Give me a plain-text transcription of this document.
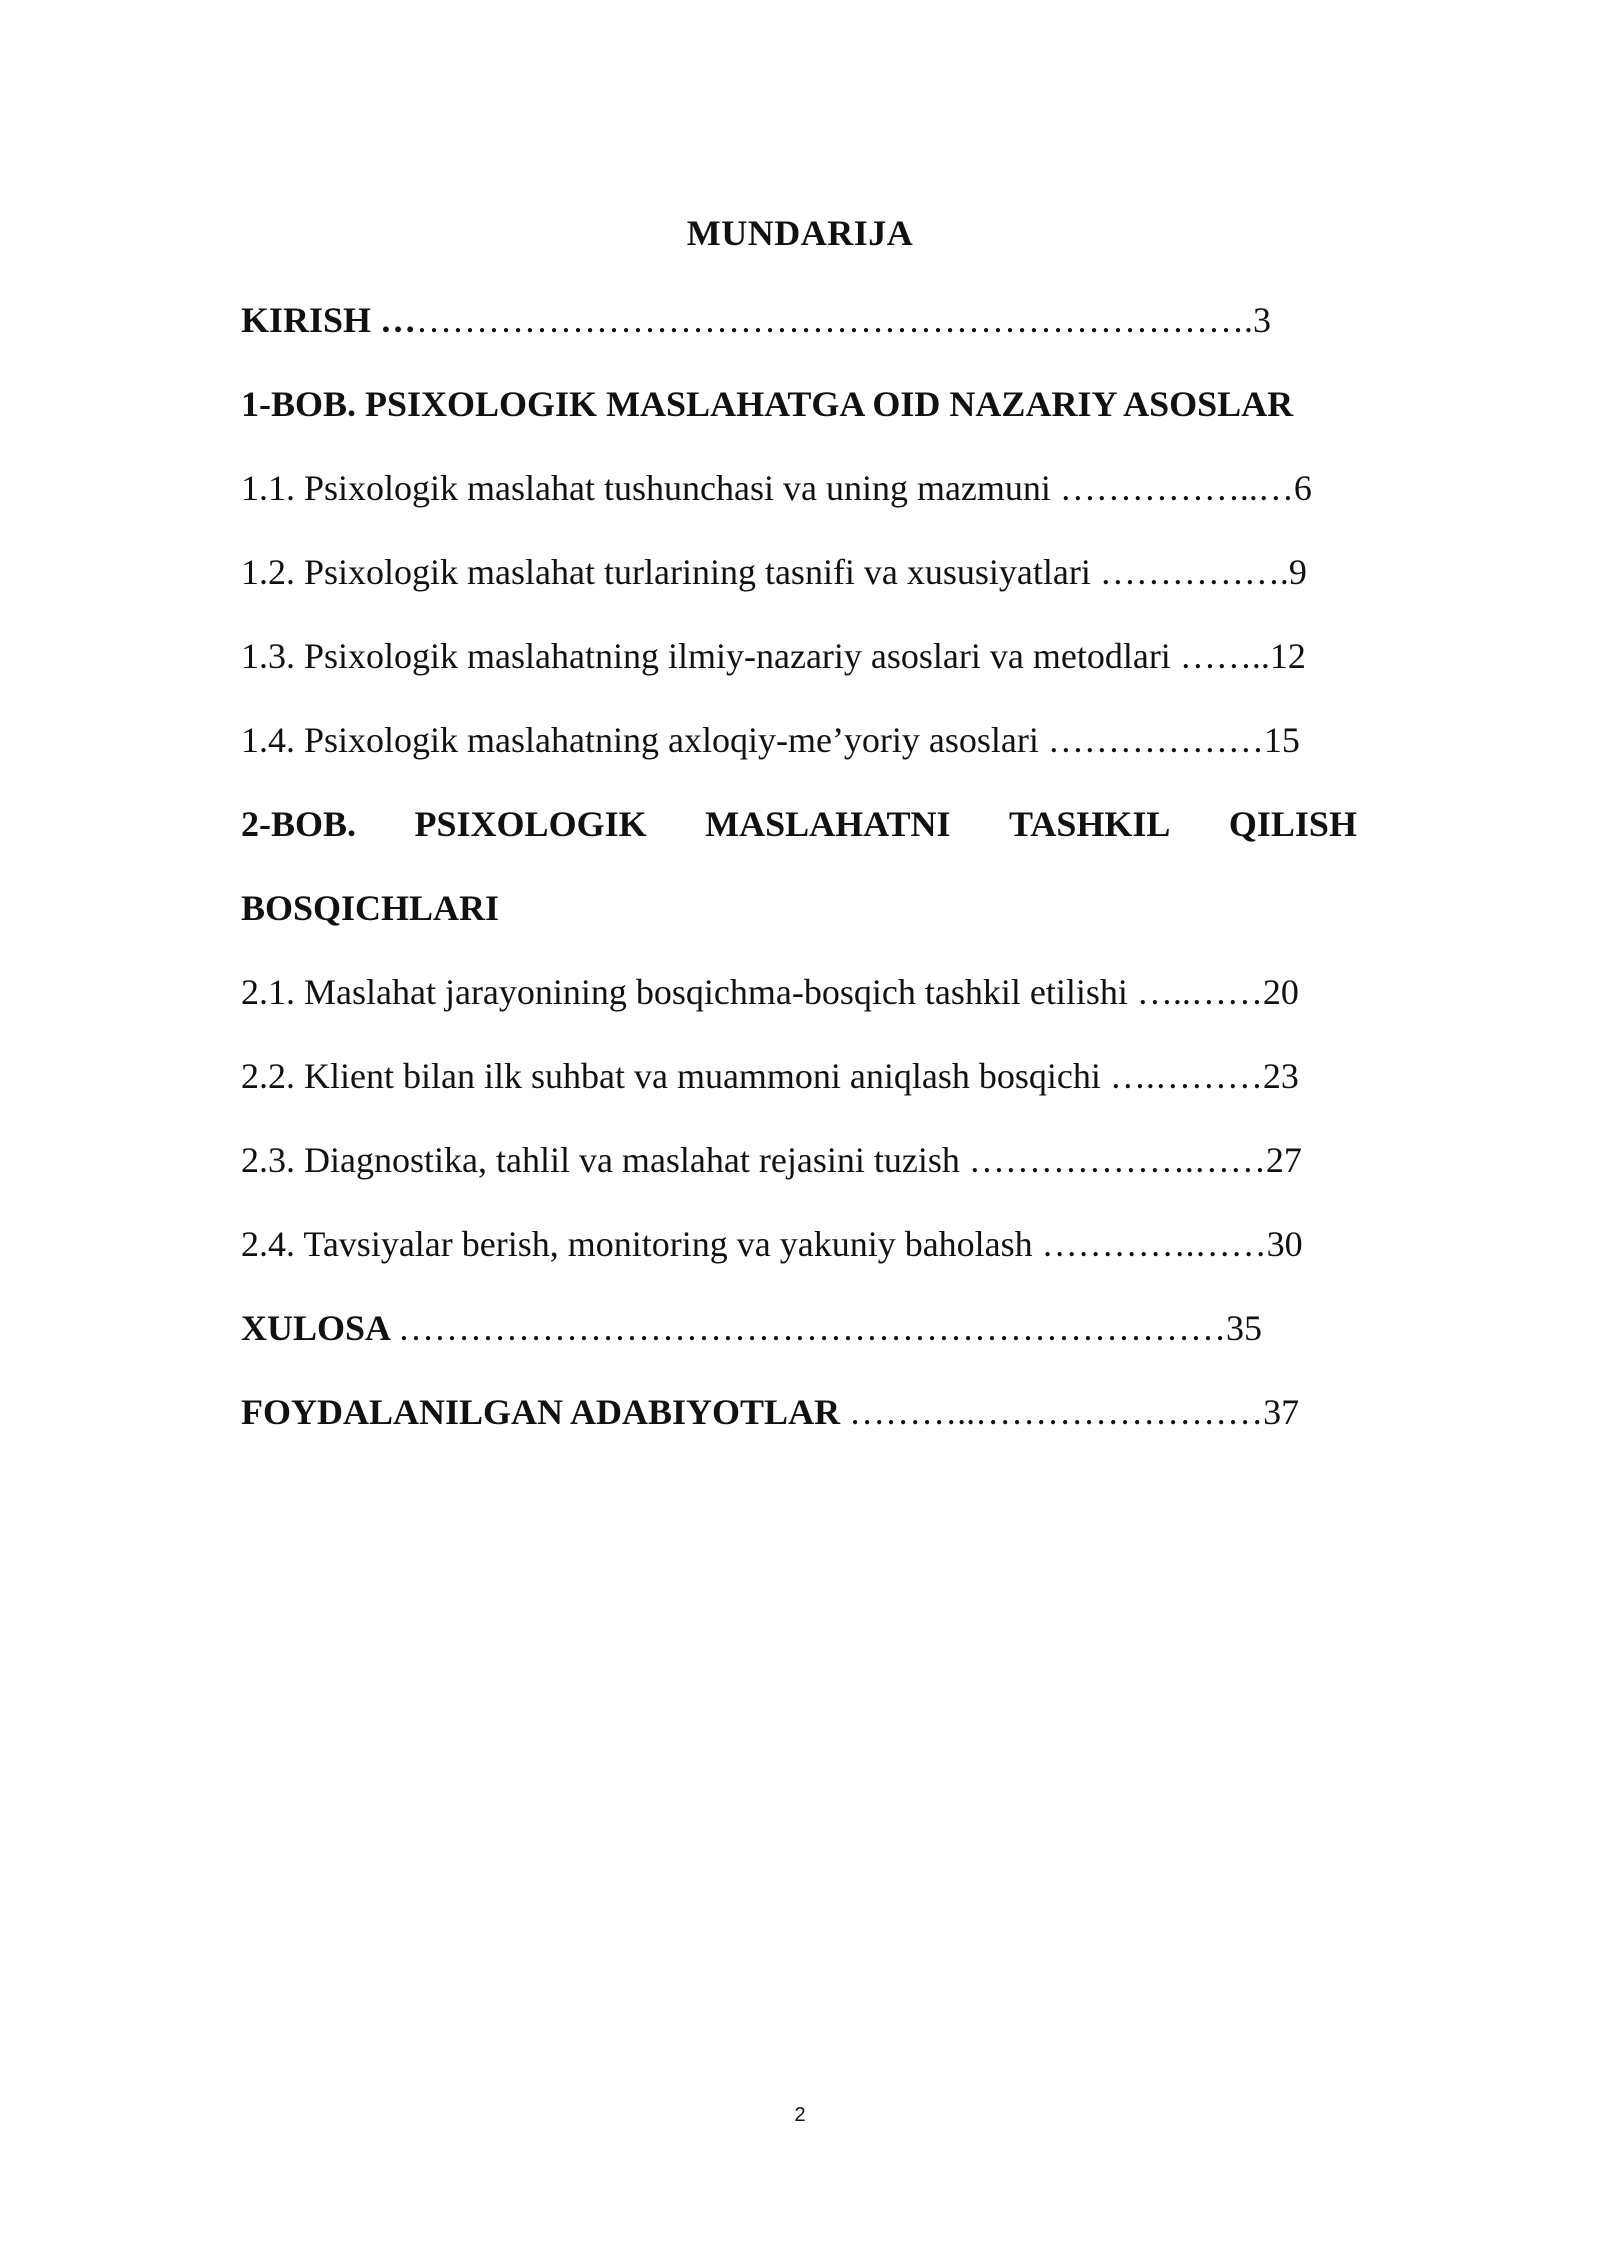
MUNDARIJA
KIRISH ……………………………………………………………….3
1-BOB. PSIXOLOGIK MASLAHATGA OID NAZARIY ASOSLAR
1.1. Psixologik maslahat tushunchasi va uning mazmuni ……………..…6
1.2. Psixologik maslahat turlarining tasnifi va xususiyatlari …………….9
1.3. Psixologik maslahatning ilmiy-nazariy asoslari va metodlari ……..12
1.4. Psixologik maslahatning axloqiy-me’yoriy asoslari ………………15
2-BOB. PSIXOLOGIK MASLAHATNI TASHKIL QILISH
BOSQICHLARI
2.1. Maslahat jarayonining bosqichma-bosqich tashkil etilishi …..……20
2.2. Klient bilan ilk suhbat va muammoni aniqlash bosqichi ….………23
2.3. Diagnostika, tahlil va maslahat rejasini tuzish ……………….……27
2.4. Tavsiyalar berish, monitoring va yakuniy baholash ………….……30
XULOSA ……………………………………………………………35
FOYDALANILGAN ADABIYOTLAR ………..……………………37
2
